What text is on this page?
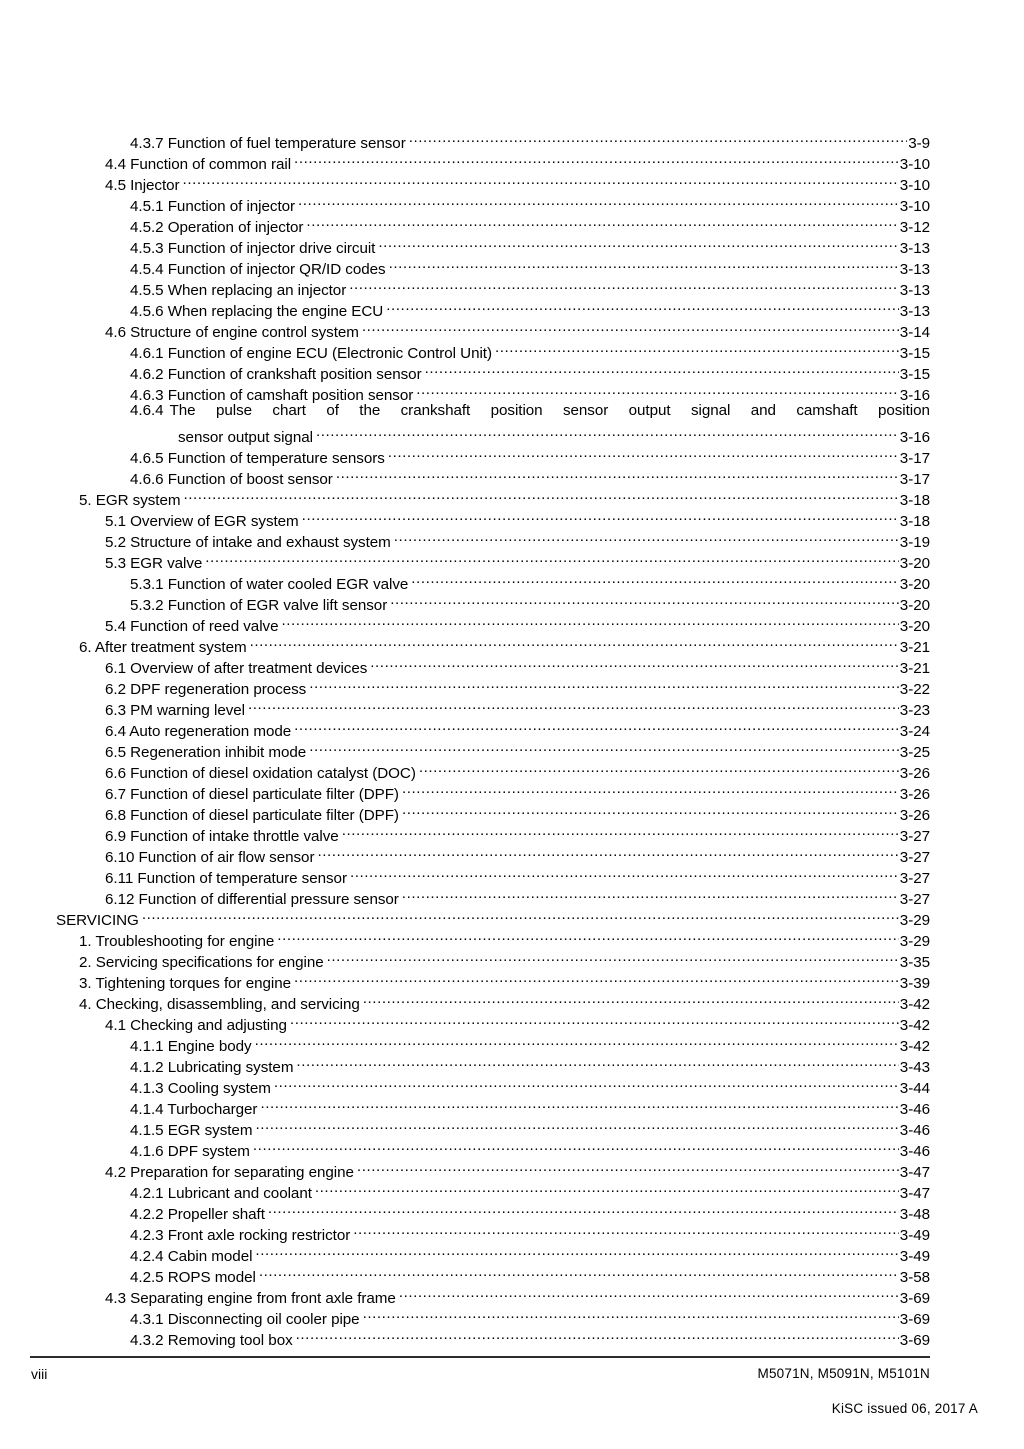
4.3.7 Function of fuel temperature sensor .....	3-9
4.4 Function of common rail .....	3-10
4.5 Injector .....	3-10
4.5.1 Function of injector .....	3-10
4.5.2 Operation of injector .....	3-12
4.5.3 Function of injector drive circuit .....	3-13
4.5.4 Function of injector QR/ID codes .....	3-13
4.5.5 When replacing an injector .....	3-13
4.5.6 When replacing the engine ECU .....	3-13
4.6 Structure of engine control system .....	3-14
4.6.1 Function of engine ECU (Electronic Control Unit) .....	3-15
4.6.2 Function of crankshaft position sensor .....	3-15
4.6.3 Function of camshaft position sensor .....	3-16
4.6.4 The pulse chart of the crankshaft position sensor output signal and camshaft position
sensor output signal .....	3-16
4.6.5 Function of temperature sensors .....	3-17
4.6.6 Function of boost sensor .....	3-17
5. EGR system .....	3-18
5.1 Overview of EGR system .....	3-18
5.2 Structure of intake and exhaust system .....	3-19
5.3 EGR valve .....	3-20
5.3.1 Function of water cooled EGR valve .....	3-20
5.3.2 Function of EGR valve lift sensor .....	3-20
5.4 Function of reed valve .....	3-20
6. After treatment system .....	3-21
6.1 Overview of after treatment devices .....	3-21
6.2 DPF regeneration process .....	3-22
6.3 PM warning level .....	3-23
6.4 Auto regeneration mode .....	3-24
6.5 Regeneration inhibit mode .....	3-25
6.6 Function of diesel oxidation catalyst (DOC) .....	3-26
6.7 Function of diesel particulate filter (DPF) .....	3-26
6.8 Function of diesel particulate filter (DPF) .....	3-26
6.9 Function of intake throttle valve .....	3-27
6.10 Function of air flow sensor .....	3-27
6.11 Function of temperature sensor .....	3-27
6.12 Function of differential pressure sensor .....	3-27
SERVICING .....	3-29
1. Troubleshooting for engine .....	3-29
2. Servicing specifications for engine .....	3-35
3. Tightening torques for engine .....	3-39
4. Checking, disassembling, and servicing .....	3-42
4.1 Checking and adjusting .....	3-42
4.1.1 Engine body .....	3-42
4.1.2 Lubricating system .....	3-43
4.1.3 Cooling system .....	3-44
4.1.4 Turbocharger .....	3-46
4.1.5 EGR system .....	3-46
4.1.6 DPF system .....	3-46
4.2 Preparation for separating engine .....	3-47
4.2.1 Lubricant and coolant .....	3-47
4.2.2 Propeller shaft .....	3-48
4.2.3 Front axle rocking restrictor .....	3-49
4.2.4 Cabin model .....	3-49
4.2.5 ROPS model .....	3-58
4.3 Separating engine from front axle frame .....	3-69
4.3.1 Disconnecting oil cooler pipe .....	3-69
4.3.2 Removing tool box .....	3-69
viii	M5071N, M5091N, M5101N
KiSC issued 06, 2017 A
